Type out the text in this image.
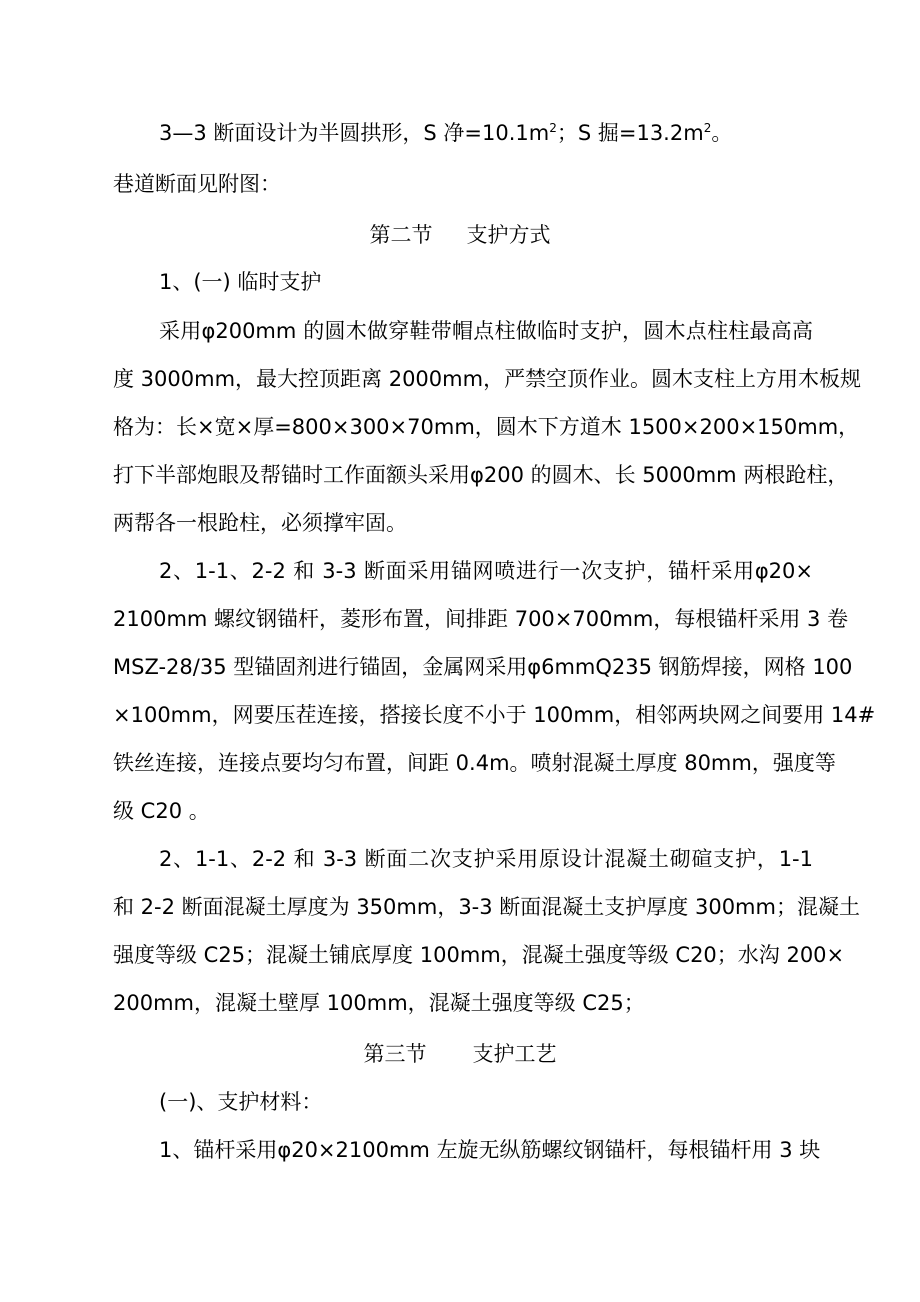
3—3 断面设计为半圆拱形，S 净$=10.1m^2$；S 掘$=13.2m^2$。
巷道断面见附图：
第二节 支护方式
1、(一) 临时支护
采用φ200mm 的圆木做穿鞋带帽点柱做临时支护，圆木点柱柱最高高
度 3000mm，最大控顶距离 2000mm，严禁空顶作业。圆木支柱上方用木板规
格为：长×宽×厚=800×300×70mm，圆木下方道木 1500×200×150mm，
打下半部炮眼及帮锚时工作面额头采用φ200 的圆木、长 5000mm 两根跄柱，
两帮各一根跄柱，必须撑牢固。
2、1-1、2-2 和 3-3 断面采用锚网喷进行一次支护，锚杆采用φ20×
2100mm 螺纹钢锚杆，菱形布置，间排距 700×700mm，每根锚杆采用 3 卷
MSZ-28/35 型锚固剂进行锚固，金属网采用φ6mmQ235 钢筋焊接，网格 100
×100mm，网要压茬连接，搭接长度不小于 100mm，相邻两块网之间要用 14#
铁丝连接，连接点要均匀布置，间距 0.4m。喷射混凝土厚度 80mm，强度等
级 C20 。
2、1-1、2-2 和 3-3 断面二次支护采用原设计混凝土砌碹支护，1-1
和 2-2 断面混凝土厚度为 350mm，3-3 断面混凝土支护厚度 300mm；混凝土
强度等级 C25；混凝土铺底厚度 100mm，混凝土强度等级 C20；水沟 200×
200mm，混凝土壁厚 100mm，混凝土强度等级 C25；
第三节 支护工艺
(一)、支护材料：
1、锚杆采用φ20×2100mm 左旋无纵筋螺纹钢锚杆，每根锚杆用 3 块
